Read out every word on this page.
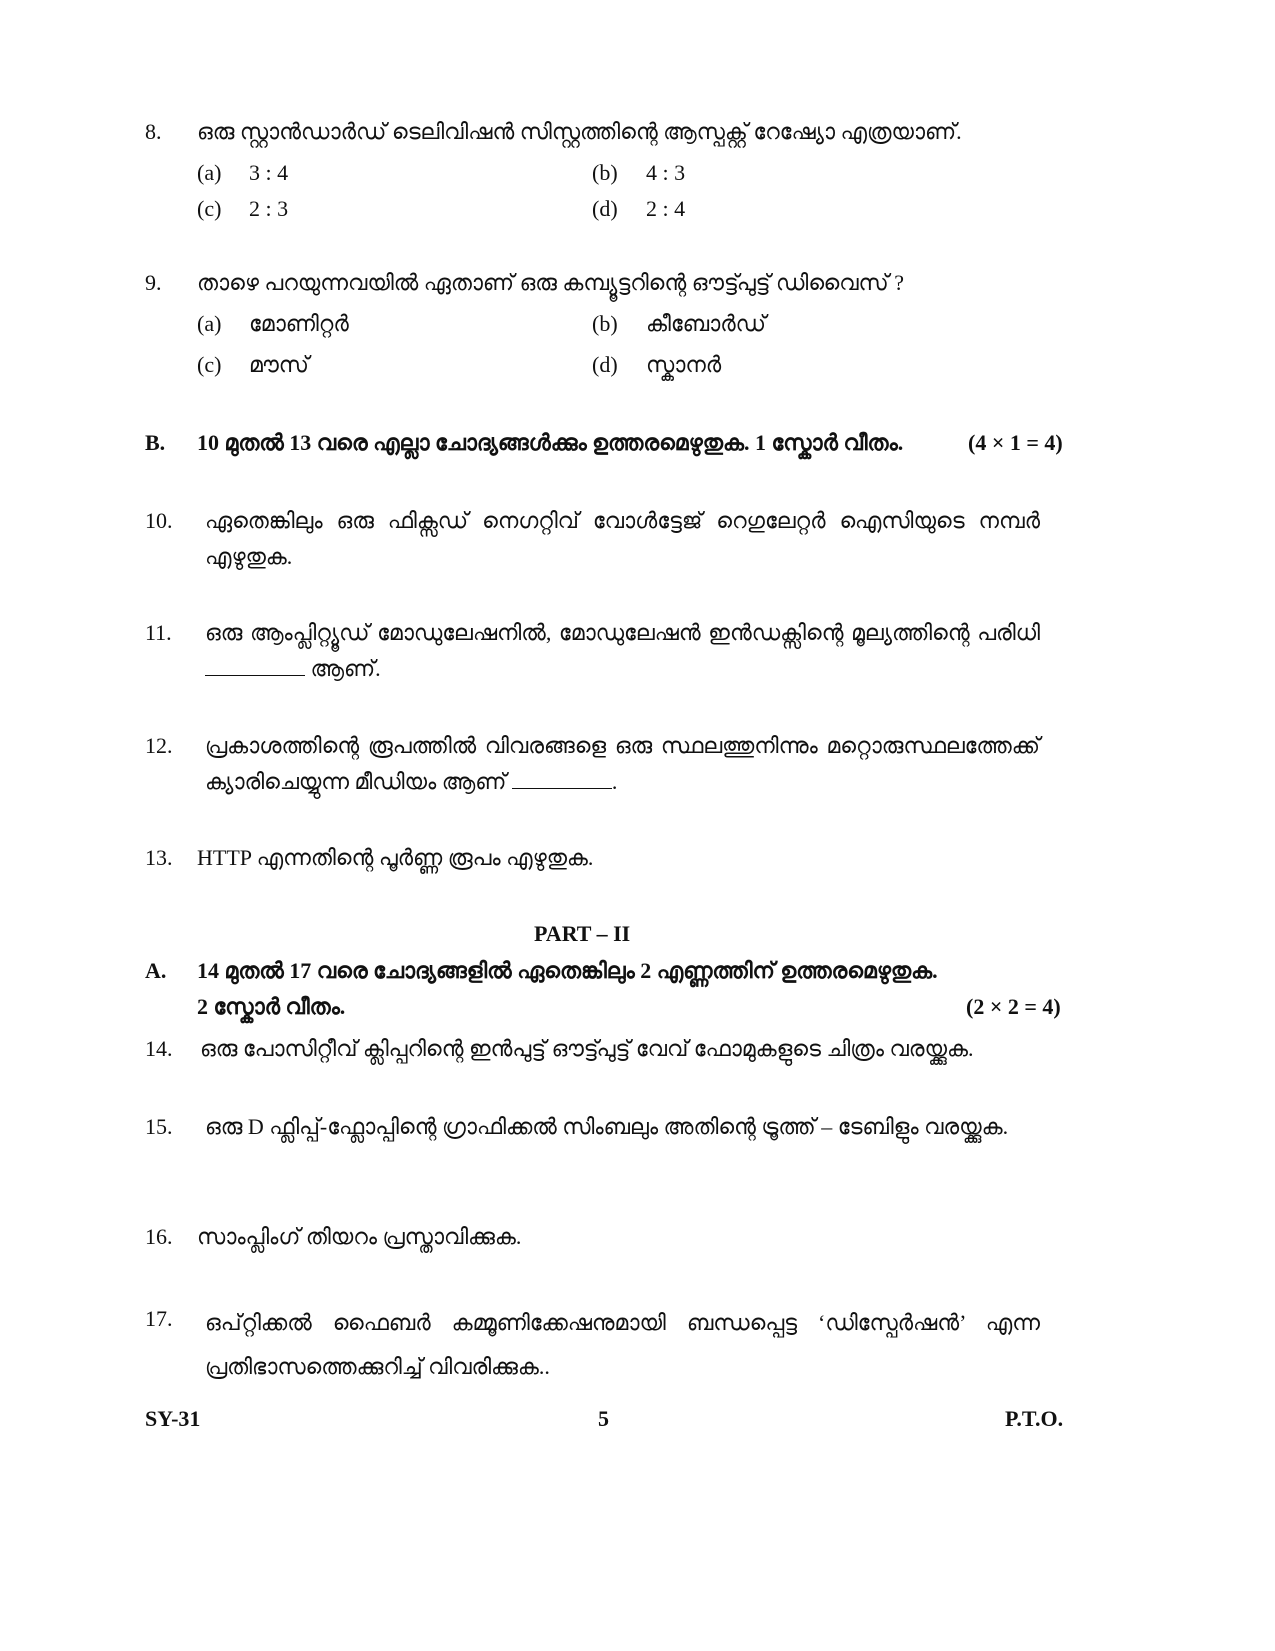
8. ഒരു സ്റ്റാൻഡാർഡ് ടെലിവിഷൻ സിസ്റ്റത്തിന്റെ ആസ്പക്റ്റ് റേഷ്യോ എത്രയാണ്.
(a) 3 : 4	(b) 4 : 3
(c) 2 : 3	(d) 2 : 4
9. താഴെ പറയുന്നവയിൽ ഏതാണ് ഒരു കമ്പ്യൂട്ടറിന്റെ ഔട്ട്പുട്ട് ഡിവൈസ് ?
(a) മോണിറ്റർ	(b) കീബോർഡ്
(c) മൗസ്	(d) സ്കാനർ
B. 10 മുതൽ 13 വരെ എല്ലാ ചോദ്യങ്ങൾക്കും ഉത്തരമെഴുതുക. 1 സ്കോർ വീതം.	(4 × 1 = 4)
10. ഏതെങ്കിലും ഒരു ഫിക്സഡ് നെഗറ്റിവ് വോൾട്ടേജ് റെഗുലേറ്റർ ഐസിയുടെ നമ്പർ എഴുതുക.
11. ഒരു ആംപ്ലിറ്റ്യൂഡ് മോഡുലേഷനിൽ, മോഡുലേഷൻ ഇൻഡക്സിന്റെ മൂല്യത്തിന്റെ പരിധി  ആണ്.
12. പ്രകാശത്തിന്റെ രൂപത്തിൽ വിവരങ്ങളെ ഒരു സ്ഥലത്തുനിന്നും മറ്റൊരുസ്ഥലത്തേക്ക് ക്യാരിചെയ്യുന്ന മീഡിയം ആണ്	.
13. HTTP എന്നതിന്റെ പൂർണ്ണ രൂപം എഴുതുക.
PART – II
A. 14 മുതൽ 17 വരെ ചോദ്യങ്ങളിൽ ഏതെങ്കിലും 2 എണ്ണത്തിന് ഉത്തരമെഴുതുക.
2 സ്കോർ വീതം.	(2 × 2 = 4)
14. ഒരു പോസിറ്റീവ് ക്ലിപ്പറിന്റെ ഇൻപുട്ട് ഔട്ട്പുട്ട് വേവ് ഫോമുകളുടെ ചിത്രം വരയ്ക്കുക.
15. ഒരു D ഫ്ലിപ്പ്-ഫ്ലോപ്പിന്റെ ഗ്രാഫിക്കൽ സിംബലും അതിന്റെ ട്രൂത്ത് – ടേബിളും വരയ്ക്കുക.
16. സാംപ്ലിംഗ് തിയറം പ്രസ്താവിക്കുക.
17. ഒപ്റ്റിക്കൽ ഫൈബർ കമ്മൂണിക്കേഷനുമായി ബന്ധപ്പെട്ട ‘ഡിസ്പേർഷൻ’ എന്ന പ്രതിഭാസത്തെക്കുറിച്ച് വിവരിക്കുക..
SY-31	5	P.T.O.
